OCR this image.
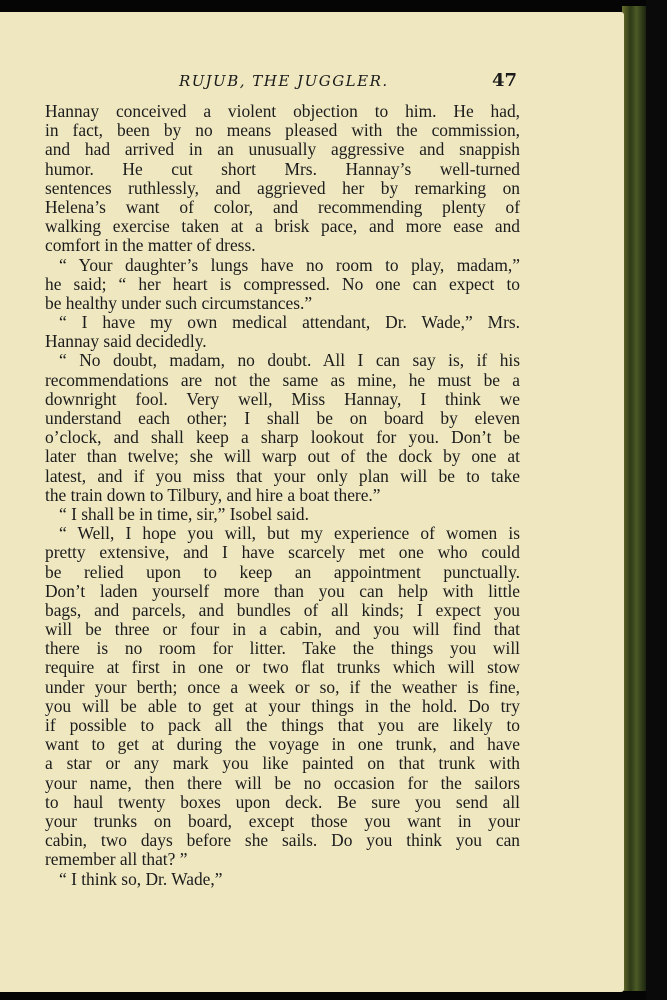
RUJUB, THE JUGGLER.	47
Hannay conceived a violent objection to him. He had,
in fact, been by no means pleased with the commission,
and had arrived in an unusually aggressive and snappish
humor. He cut short Mrs. Hannay’s well-turned
sentences ruthlessly, and aggrieved her by remarking on
Helena’s want of color, and recommending plenty of
walking exercise taken at a brisk pace, and more ease and
comfort in the matter of dress.
“ Your daughter’s lungs have no room to play, madam,”
he said; “ her heart is compressed. No one can expect to
be healthy under such circumstances.”
“ I have my own medical attendant, Dr. Wade,” Mrs.
Hannay said decidedly.
“ No doubt, madam, no doubt. All I can say is, if his
recommendations are not the same as mine, he must be a
downright fool. Very well, Miss Hannay, I think we
understand each other; I shall be on board by eleven
o’clock, and shall keep a sharp lookout for you. Don’t be
later than twelve; she will warp out of the dock by one at
latest, and if you miss that your only plan will be to take
the train down to Tilbury, and hire a boat there.”
“ I shall be in time, sir,” Isobel said.
“ Well, I hope you will, but my experience of women is
pretty extensive, and I have scarcely met one who could
be relied upon to keep an appointment punctually.
Don’t laden yourself more than you can help with little
bags, and parcels, and bundles of all kinds; I expect you
will be three or four in a cabin, and you will find that
there is no room for litter. Take the things you will
require at first in one or two flat trunks which will stow
under your berth; once a week or so, if the weather is fine,
you will be able to get at your things in the hold. Do try
if possible to pack all the things that you are likely to
want to get at during the voyage in one trunk, and have
a star or any mark you like painted on that trunk with
your name, then there will be no occasion for the sailors
to haul twenty boxes upon deck. Be sure you send all
your trunks on board, except those you want in your
cabin, two days before she sails. Do you think you can
remember all that? ”
“ I think so, Dr. Wade,”
